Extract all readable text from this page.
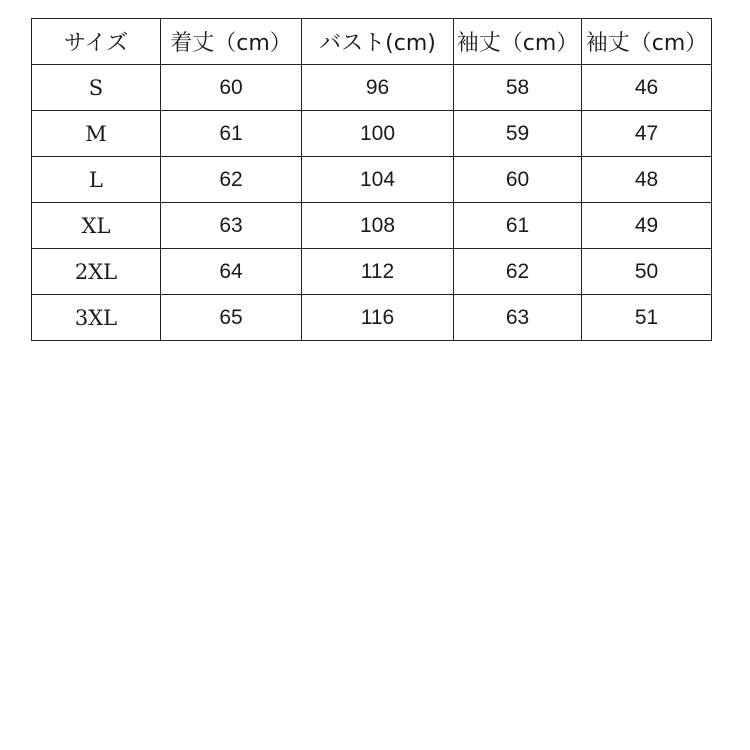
サイズ	着丈（cm）	バスト(cm)	袖丈（cm）	袖丈（cm）
S	60	96	58	46
M	61	100	59	47
L	62	104	60	48
XL	63	108	61	49
2XL	64	112	62	50
3XL	65	116	63	51
